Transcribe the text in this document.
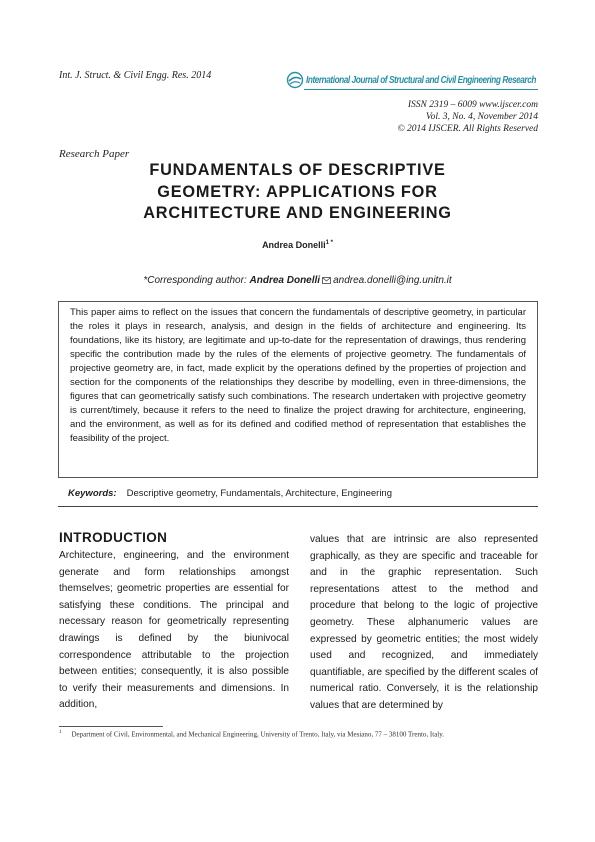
Int. J. Struct. & Civil Engg. Res. 2014	International Journal of Structural and Civil Engineering Research
ISSN 2319 – 6009 www.ijscer.com
Vol. 3, No. 4, November 2014
© 2014 IJSCER. All Rights Reserved
Research Paper
FUNDAMENTALS OF DESCRIPTIVE
GEOMETRY: APPLICATIONS FOR
ARCHITECTURE AND ENGINEERING
Andrea Donelli$^{1 *}$
*Corresponding author: Andrea Donelli andrea.donelli@ing.unitn.it
This paper aims to reflect on the issues that concern the fundamentals of descriptive geometry, in particular the roles it plays in research, analysis, and design in the fields of architecture and engineering. Its foundations, like its history, are legitimate and up-to-date for the representation of drawings, thus rendering specific the contribution made by the rules of the elements of projective geometry. The fundamentals of projective geometry are, in fact, made explicit by the operations defined by the properties of projection and section for the components of the relationships they describe by modelling, even in three-dimensions, the figures that can geometrically satisfy such combinations. The research undertaken with projective geometry is current/timely, because it refers to the need to finalize the project drawing for architecture, engineering, and the environment, as well as for its defined and codified method of representation that establishes the feasibility of the project.
Keywords: Descriptive geometry, Fundamentals, Architecture, Engineering
INTRODUCTION
Architecture, engineering, and the environment generate and form relationships amongst themselves; geometric properties are essential for satisfying these conditions. The principal and necessary reason for geometrically representing drawings is defined by the biunivocal correspondence attributable to the projection between entities; consequently, it is also possible to verify their measurements and dimensions. In addition,
values that are intrinsic are also represented graphically, as they are specific and traceable for and in the graphic representation. Such representations attest to the method and procedure that belong to the logic of projective geometry. These alphanumeric values are expressed by geometric entities; the most widely used and recognized, and immediately quantifiable, are specified by the different scales of numerical ratio. Conversely, it is the relationship values that are determined by
$^1$ Department of Civil, Environmental, and Mechanical Engineering, University of Trento, Italy, via Mesiano, 77 – 38100 Trento, Italy.
